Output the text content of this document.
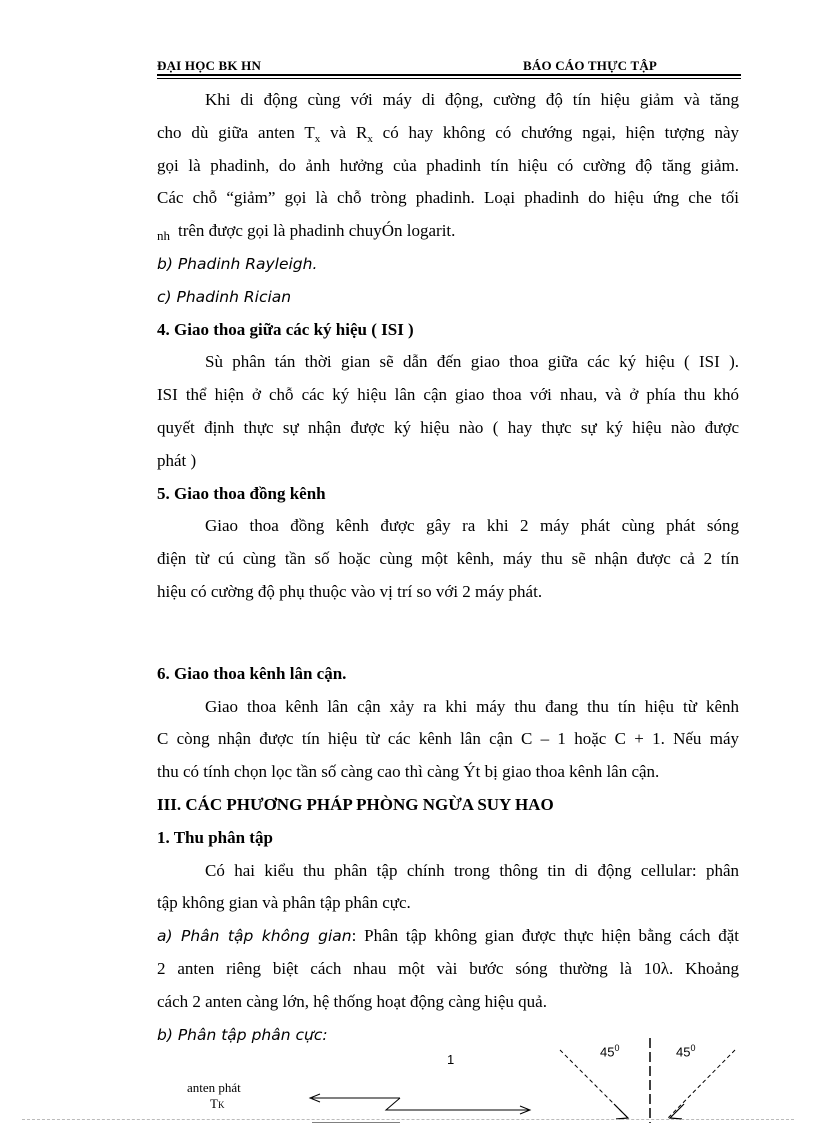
ĐẠI HỌC BK HN	BÁO CÁO THỰC TẬP
Khi di động cùng với máy di động, cường độ tín hiệu giảm và tăng
cho dù giữa anten $T_x$ và $R_x$ có hay không có chướng ngại, hiện tượng này
gọi là phadinh, do ảnh hưởng của phadinh tín hiệu có cường độ tăng giảm.
Các chỗ “giảm” gọi là chỗ tròng phadinh. Loại phadinh do hiệu ứng che tối
$_{nh}$ trên được gọi là phadinh chuyÓn logarit.
b) Phadinh Rayleigh.
c) Phadinh Rician
4. Giao thoa giữa các ký hiệu ( ISI )
Sù phân tán thời gian sẽ dẫn đến giao thoa giữa các ký hiệu ( ISI ).
ISI thể hiện ở chỗ các ký hiệu lân cận giao thoa với nhau, và ở phía thu khó
quyết định thực sự nhận được ký hiệu nào ( hay thực sự ký hiệu nào được
phát )
5. Giao thoa đồng kênh
Giao thoa đồng kênh được gây ra khi 2 máy phát cùng phát sóng
điện từ cú cùng tần số hoặc cùng một kênh, máy thu sẽ nhận được cả 2 tín
hiệu có cường độ phụ thuộc vào vị trí so với 2 máy phát.
6. Giao thoa kênh lân cận.
Giao thoa kênh lân cận xảy ra khi máy thu đang thu tín hiệu từ kênh
C còng nhận được tín hiệu từ các kênh lân cận C – 1 hoặc C + 1. Nếu máy
thu có tính chọn lọc tần số càng cao thì càng Ýt bị giao thoa kênh lân cận.
III. CÁC PHƯƠNG PHÁP PHÒNG NGỪA SUY HAO
1. Thu phân tập
Có hai kiểu thu phân tập chính trong thông tin di động cellular: phân
tập không gian và phân tập phân cực.
a) Phân tập không gian: Phân tập không gian được thực hiện bằng cách đặt
2 anten riêng biệt cách nhau một vài bước sóng thường là 10λ. Khoảng
cách 2 anten càng lớn, hệ thống hoạt động càng hiệu quả.
b) Phân tập phân cực:
1
$45^0$	$45^0$
anten phát
TK
